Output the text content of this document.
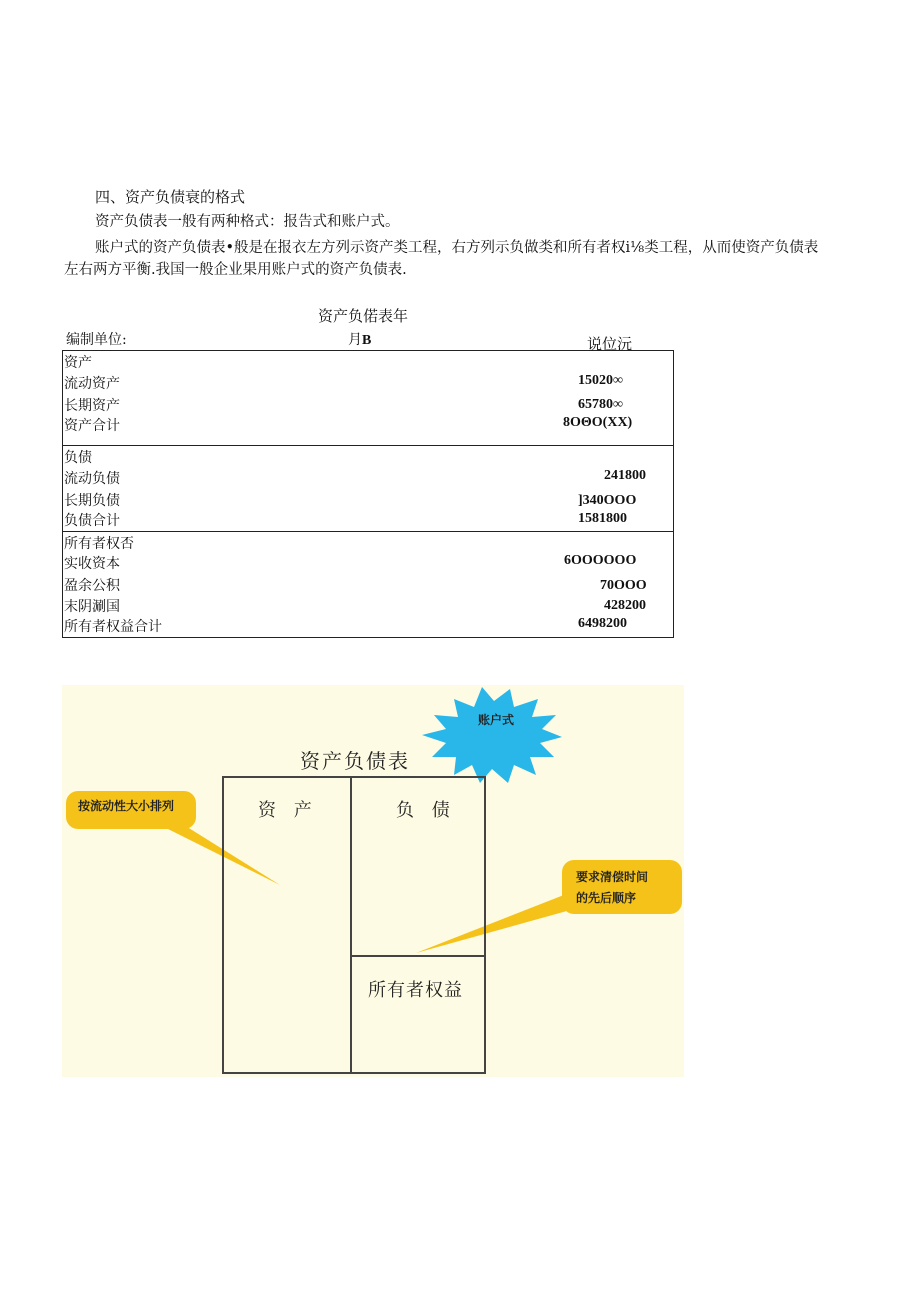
四、资产负债衰的格式
资产负债表一般有两种格式：报告式和账户式。
账户式的资产负债表•般是在报衣左方列示资产类工程，右方列示负做类和所有者权i⅛类工程，从而使资产负债表
左右两方平衡.我国一般企业果用账户式的资产负债表.
资产负偌表年
编制单位:	月B	说位沅
资产
流动资产	15020∞
长期资产	65780∞
资产合计	8OΘO(XX)
负债
流动负债	241800
长期负债	]340OOO
负债合计	1581800
所有者权否
实收资本	6OOOOOO
盈余公积	70OOO
末阴涮国	428200
所有者权益合计	6498200
账户式
资产负债表
资 产	负 债
所有者权益
按流动性大小排列
要求清偿时间
的先后顺序
